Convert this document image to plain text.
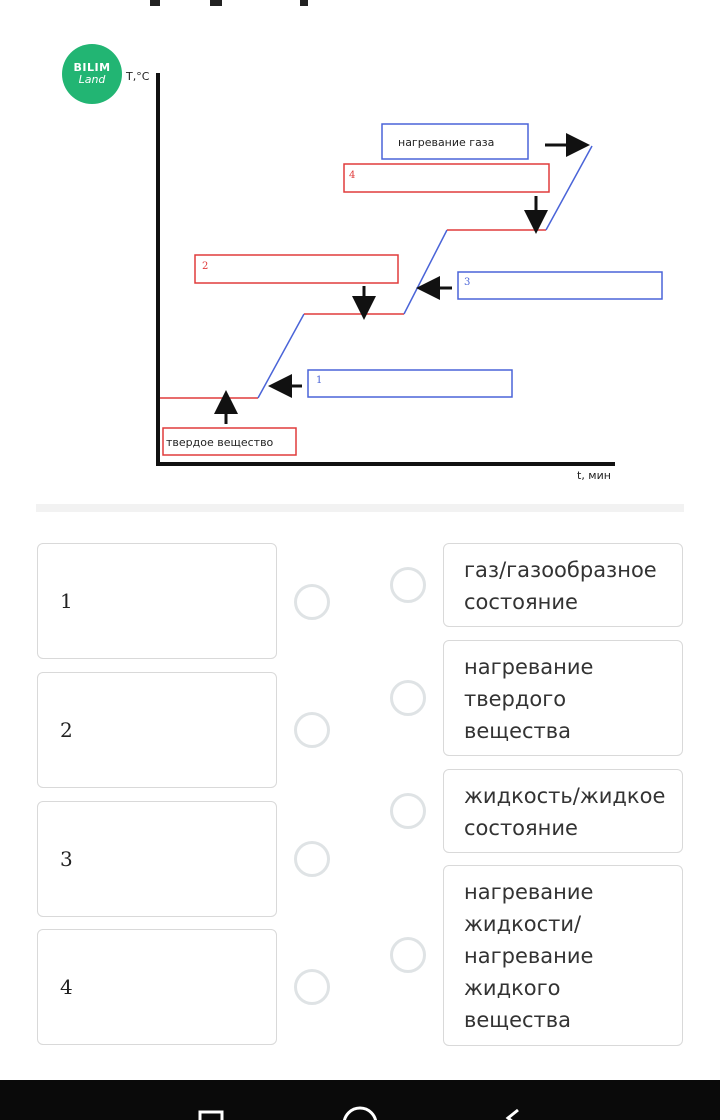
BILIM
Land T,°C
t, мин
твердое вещество
1
2
3
4
нагревание газа
1
2
3
4
газ/газообразное состояние
нагревание твердого вещества
жидкость/жидкое состояние
нагревание жидкости/нагревание жидкого вещества
